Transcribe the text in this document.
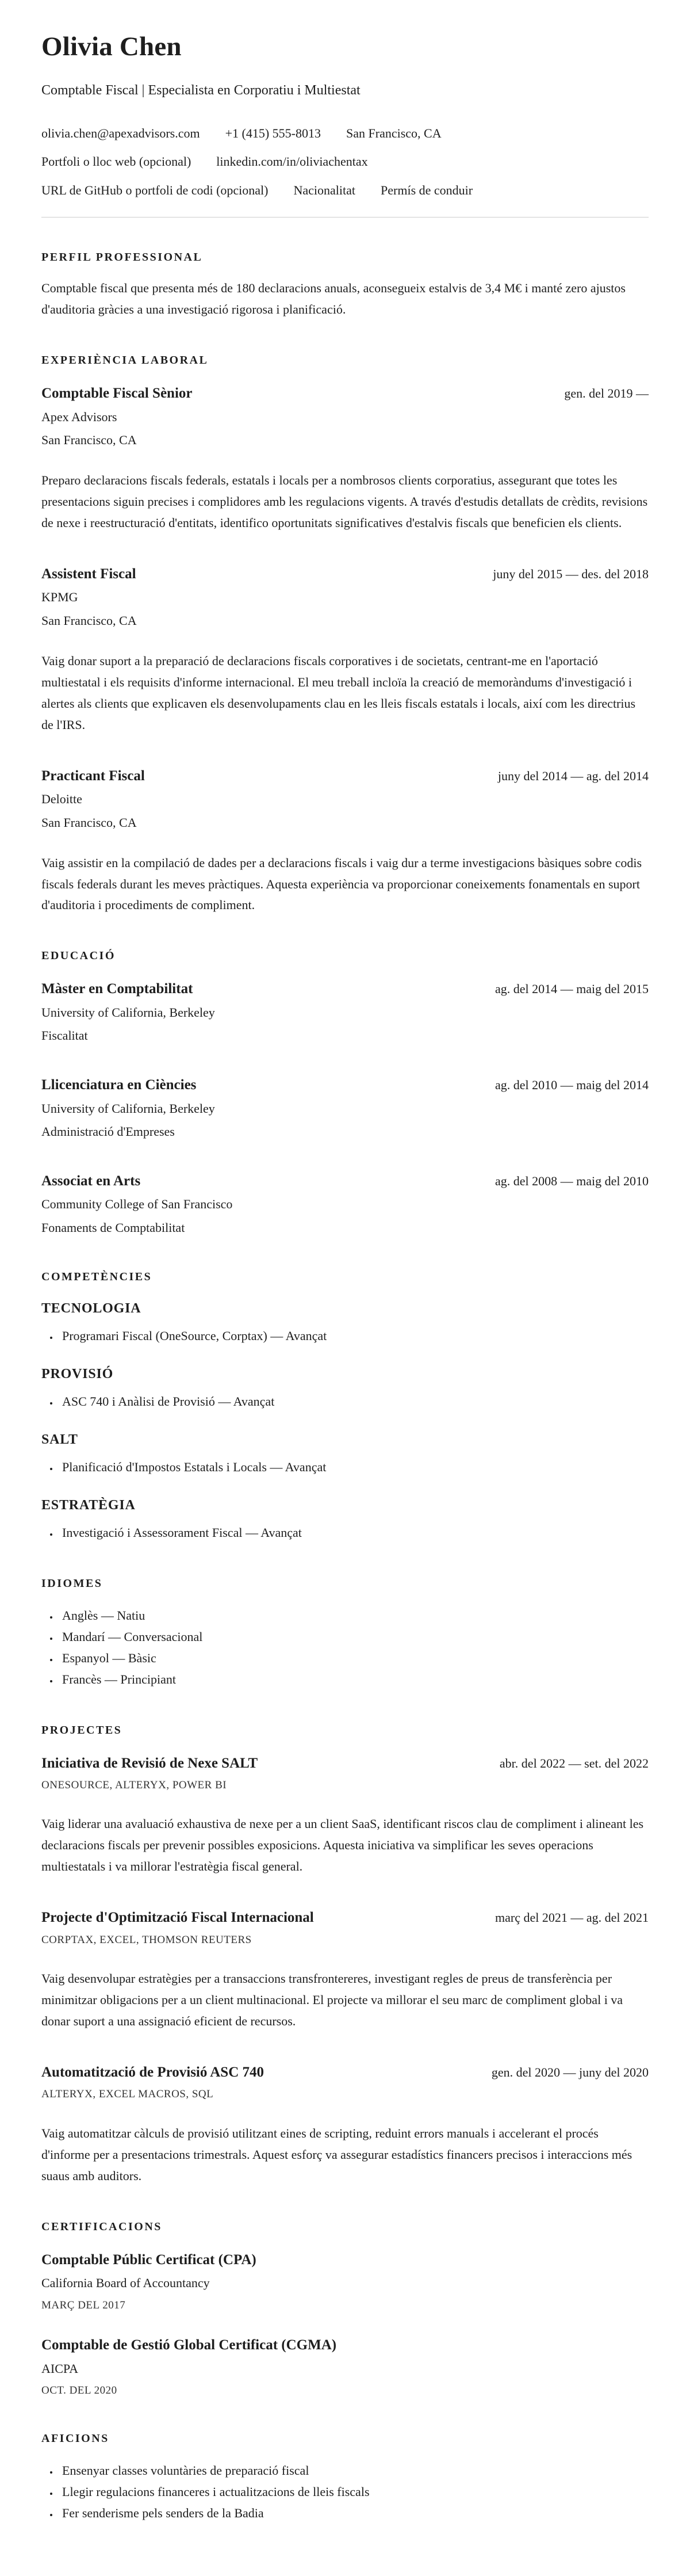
Olivia Chen

Comptable Fiscal | Especialista en Corporatiu i Multiestat

olivia.chen@apexadvisors.com +1 (415) 555-8013 San Francisco, CA
Portfoli o lloc web (opcional) linkedin.com/in/oliviachentax
URL de GitHub o portfoli de codi (opcional) Nacionalitat Permís de conduir
PERFIL PROFESSIONAL

Comptable fiscal que presenta més de 180 declaracions anuals, aconsegueix estalvis de 3,4 M€ i manté zero ajustos d'auditoria gràcies a una investigació rigorosa i planificació.

EXPERIÈNCIA LABORAL
Comptable Fiscal Sènior	gen. del 2019 —

Apex Advisors

San Francisco, CA

Preparo declaracions fiscals federals, estatals i locals per a nombrosos clients corporatius, assegurant que totes les presentacions siguin precises i complidores amb les regulacions vigents. A través d'estudis detallats de crèdits, revisions de nexe i reestructuració d'entitats, identifico oportunitats significatives d'estalvis fiscals que beneficien els clients.

Assistent Fiscal	juny del 2015 — des. del 2018

KPMG

San Francisco, CA

Vaig donar suport a la preparació de declaracions fiscals corporatives i de societats, centrant-me en l'aportació multiestatal i els requisits d'informe internacional. El meu treball incloïa la creació de memoràndums d'investigació i alertes als clients que explicaven els desenvolupaments clau en les lleis fiscals estatals i locals, així com les directrius de l'IRS.

Practicant Fiscal	juny del 2014 — ag. del 2014

Deloitte

San Francisco, CA

Vaig assistir en la compilació de dades per a declaracions fiscals i vaig dur a terme investigacions bàsiques sobre codis fiscals federals durant les meves pràctiques. Aquesta experiència va proporcionar coneixements fonamentals en suport d'auditoria i procediments de compliment.

EDUCACIÓ
Màster en Comptabilitat	ag. del 2014 — maig del 2015

University of California, Berkeley

Fiscalitat

Llicenciatura en Ciències	ag. del 2010 — maig del 2014

University of California, Berkeley

Administració d'Empreses

Associat en Arts	ag. del 2008 — maig del 2010

Community College of San Francisco

Fonaments de Comptabilitat

COMPETÈNCIES
TECNOLOGIA
• Programari Fiscal (OneSource, Corptax) — Avançat
PROVISIÓ
• ASC 740 i Anàlisi de Provisió — Avançat
SALT
• Planificació d'Impostos Estatals i Locals — Avançat
ESTRATÈGIA
• Investigació i Assessorament Fiscal — Avançat
IDIOMES
• Anglès — Natiu
• Mandarí — Conversacional
• Espanyol — Bàsic
• Francès — Principiant
PROJECTES
Iniciativa de Revisió de Nexe SALT	abr. del 2022 — set. del 2022

ONESOURCE, ALTERYX, POWER BI

Vaig liderar una avaluació exhaustiva de nexe per a un client SaaS, identificant riscos clau de compliment i alineant les declaracions fiscals per prevenir possibles exposicions. Aquesta iniciativa va simplificar les seves operacions multiestatals i va millorar l'estratègia fiscal general.

Projecte d'Optimització Fiscal Internacional	març del 2021 — ag. del 2021

CORPTAX, EXCEL, THOMSON REUTERS

Vaig desenvolupar estratègies per a transaccions transfrontereres, investigant regles de preus de transferència per minimitzar obligacions per a un client multinacional. El projecte va millorar el seu marc de compliment global i va donar suport a una assignació eficient de recursos.

Automatització de Provisió ASC 740	gen. del 2020 — juny del 2020

ALTERYX, EXCEL MACROS, SQL

Vaig automatitzar càlculs de provisió utilitzant eines de scripting, reduint errors manuals i accelerant el procés d'informe per a presentacions trimestrals. Aquest esforç va assegurar estadístics financers precisos i interaccions més suaus amb auditors.

CERTIFICACIONS
Comptable Públic Certificat (CPA)

California Board of Accountancy

MARÇ DEL 2017

Comptable de Gestió Global Certificat (CGMA)

AICPA

OCT. DEL 2020

AFICIONS
• Ensenyar classes voluntàries de preparació fiscal
• Llegir regulacions financeres i actualitzacions de lleis fiscals
• Fer senderisme pels senders de la Badia
